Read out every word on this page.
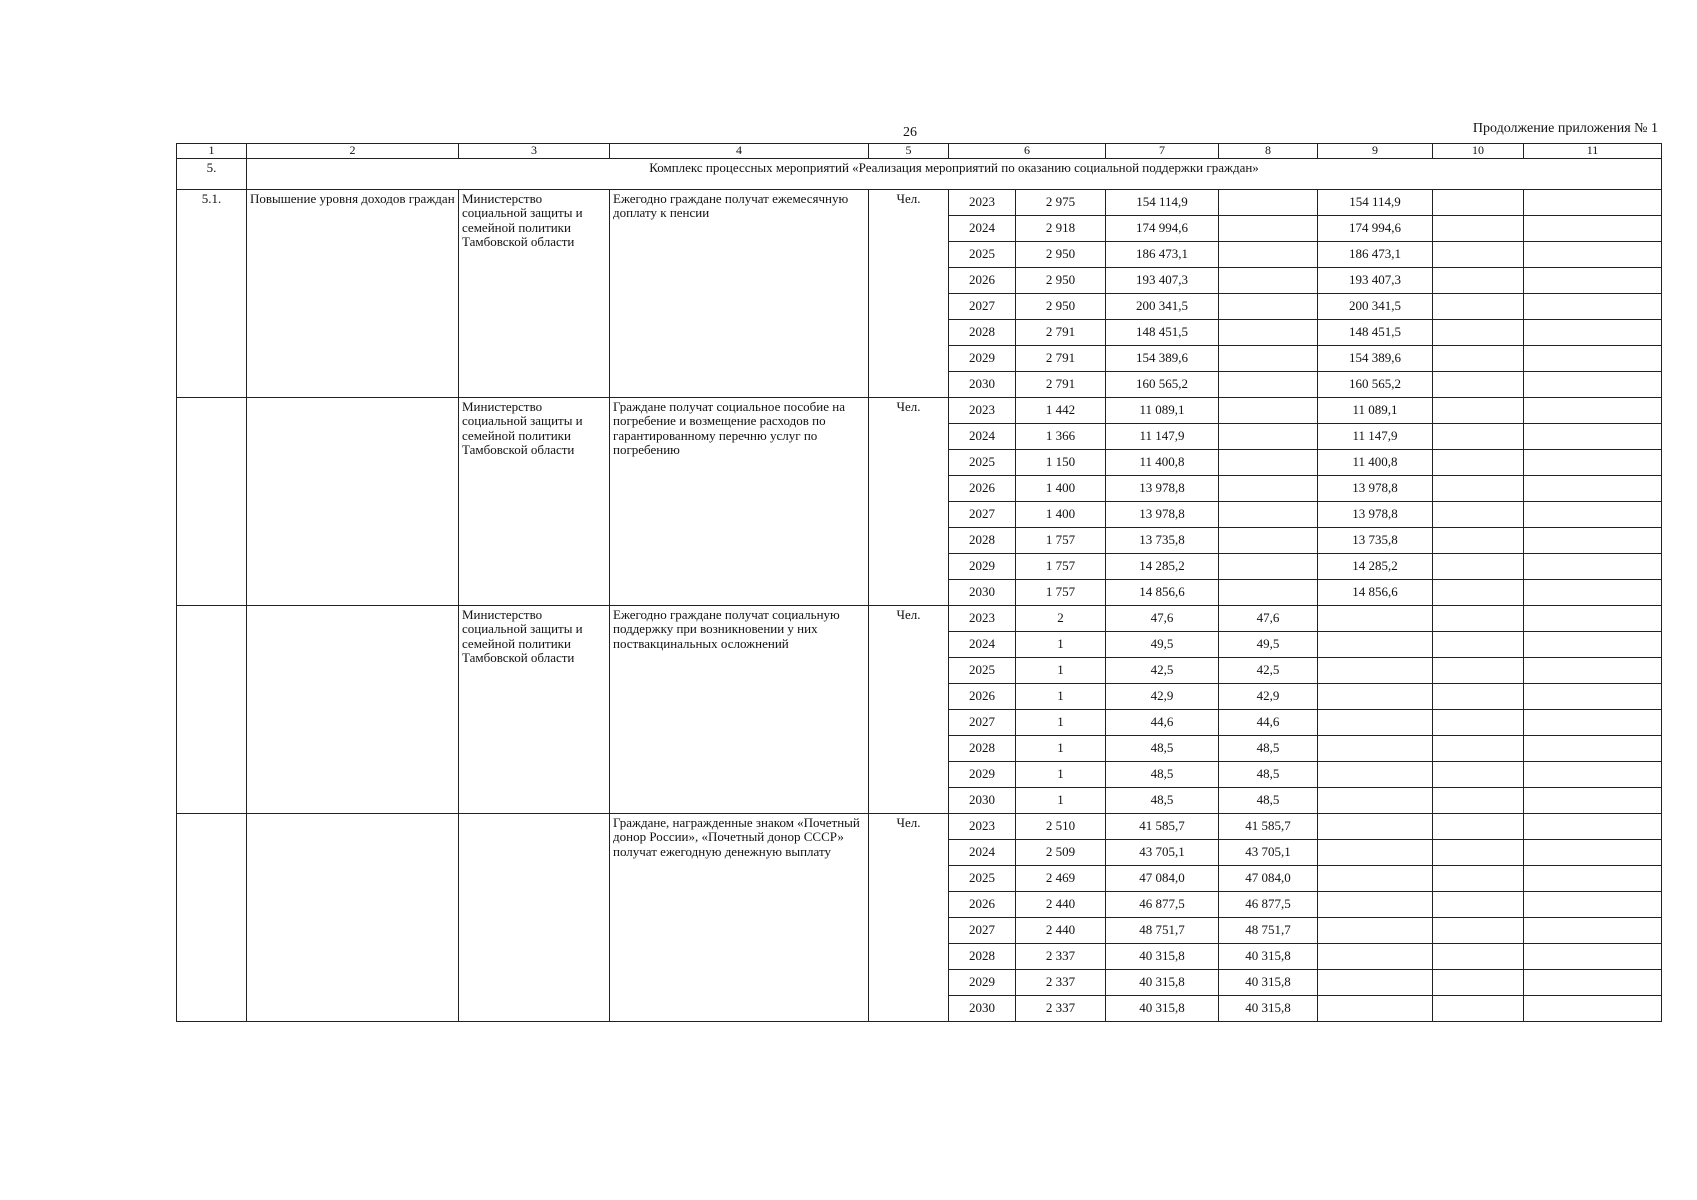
26	Продолжение приложения № 1
1	2	3	4	5	6		7	8	9	10	11
5.	Комплекс процессных мероприятий «Реализация мероприятий по оказанию социальной поддержки граждан»										
5.1.	Повышение уровня доходов граждан	Министерство социальной защиты и семейной политики Тамбовской области	Ежегодно граждане получат ежемесячную доплату к пенсии	Чел.	2023	2 975	154 114,9		154 114,9		
					2024	2 918	174 994,6		174 994,6		
					2025	2 950	186 473,1		186 473,1		
					2026	2 950	193 407,3		193 407,3		
					2027	2 950	200 341,5		200 341,5		
					2028	2 791	148 451,5		148 451,5		
					2029	2 791	154 389,6		154 389,6		
					2030	2 791	160 565,2		160 565,2		
		Министерство социальной защиты и семейной политики Тамбовской области	Граждане получат социальное пособие на погребение и возмещение расходов по гарантированному перечню услуг по погребению	Чел.	2023	1 442	11 089,1		11 089,1		
					2024	1 366	11 147,9		11 147,9		
					2025	1 150	11 400,8		11 400,8		
					2026	1 400	13 978,8		13 978,8		
					2027	1 400	13 978,8		13 978,8		
					2028	1 757	13 735,8		13 735,8		
					2029	1 757	14 285,2		14 285,2		
					2030	1 757	14 856,6		14 856,6		
		Министерство социальной защиты и семейной политики Тамбовской области	Ежегодно граждане получат социальную поддержку при возникновении у них поствакцинальных осложнений	Чел.	2023	2	47,6	47,6			
					2024	1	49,5	49,5			
					2025	1	42,5	42,5			
					2026	1	42,9	42,9			
					2027	1	44,6	44,6			
					2028	1	48,5	48,5			
					2029	1	48,5	48,5			
					2030	1	48,5	48,5			
			Граждане, награжденные знаком «Почетный донор России», «Почетный донор СССР» получат ежегодную денежную выплату	Чел.	2023	2 510	41 585,7	41 585,7			
					2024	2 509	43 705,1	43 705,1			
					2025	2 469	47 084,0	47 084,0			
					2026	2 440	46 877,5	46 877,5			
					2027	2 440	48 751,7	48 751,7			
					2028	2 337	40 315,8	40 315,8			
					2029	2 337	40 315,8	40 315,8			
					2030	2 337	40 315,8	40 315,8			
